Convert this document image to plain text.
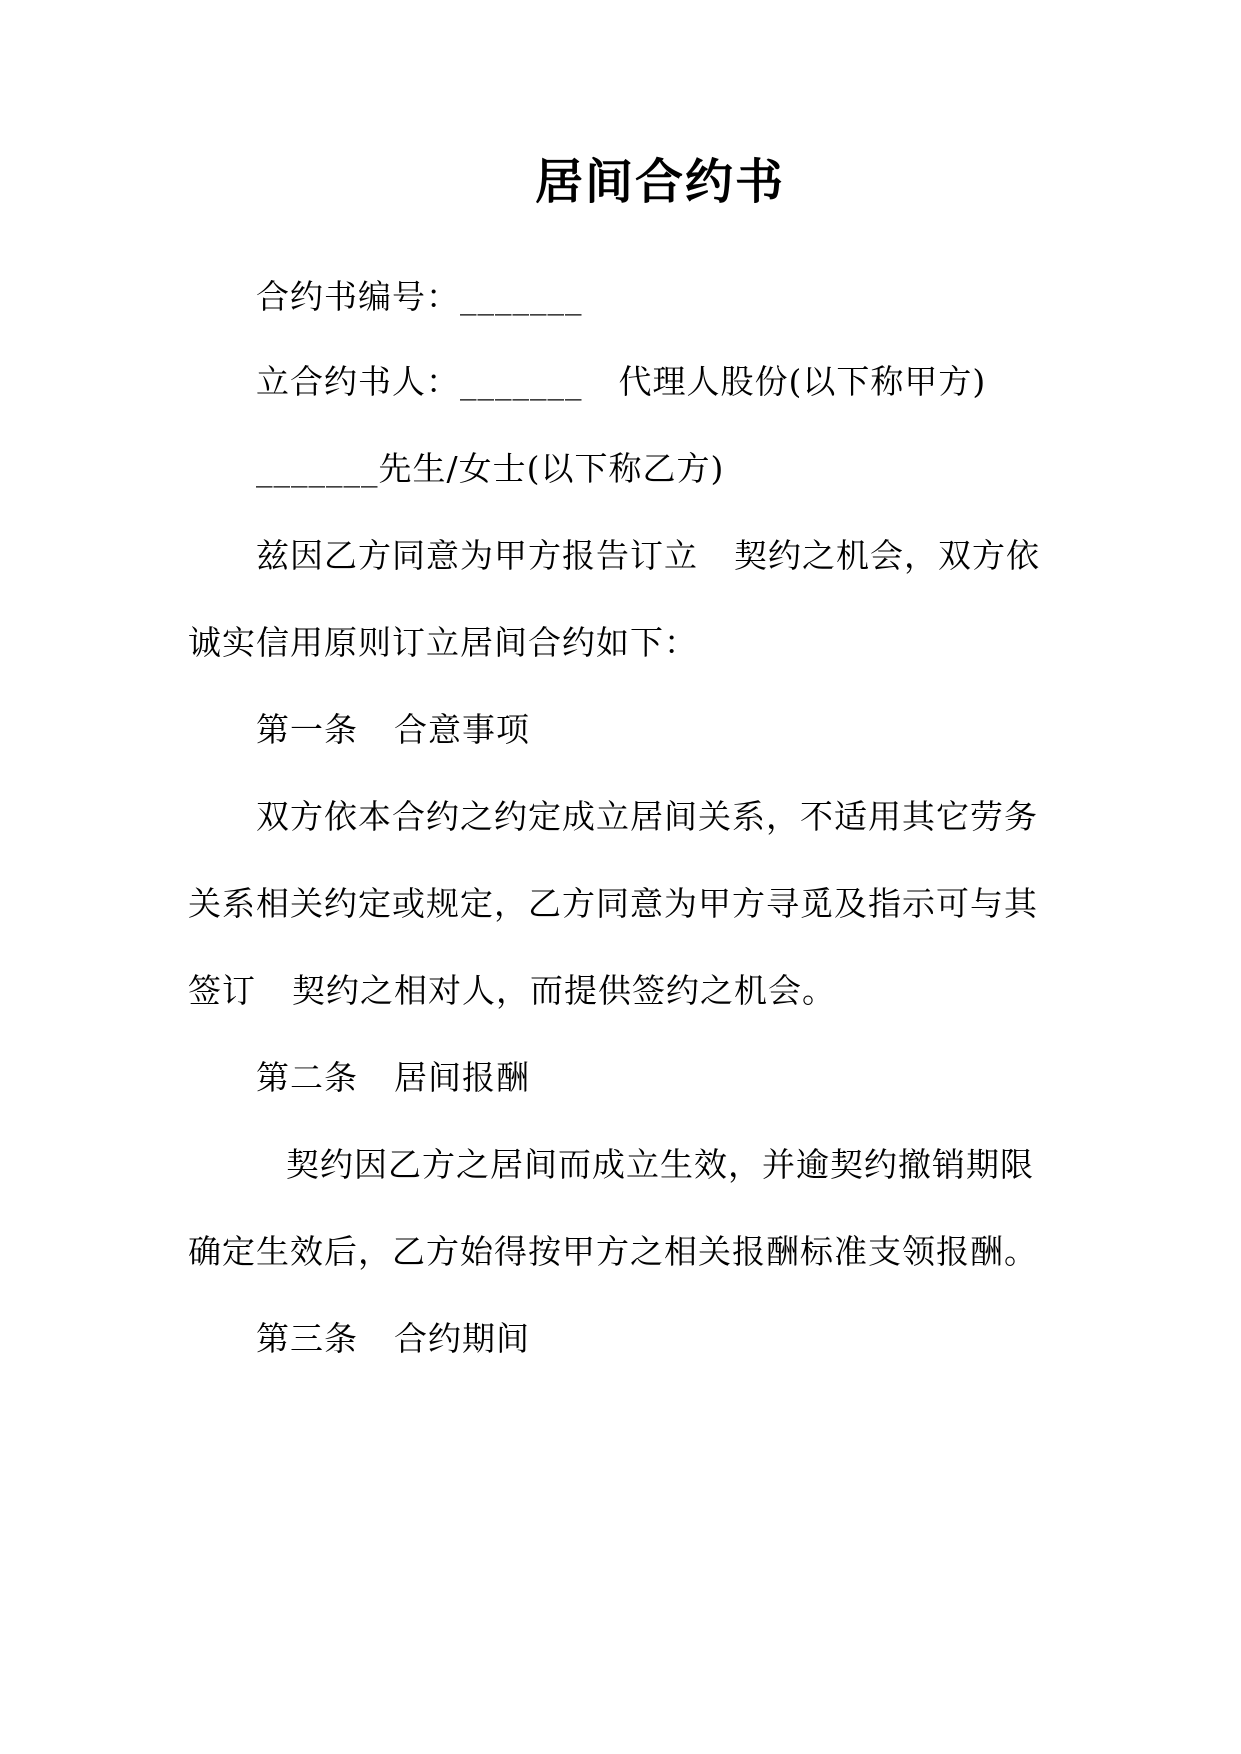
居间合约书
合约书编号：_______
立合约书人：_______ 代理人股份(以下称甲方)
_______先生/女士(以下称乙方)
兹因乙方同意为甲方报告订立 契约之机会，双方依
诚实信用原则订立居间合约如下：
第一条 合意事项
双方依本合约之约定成立居间关系，不适用其它劳务
关系相关约定或规定，乙方同意为甲方寻觅及指示可与其
签订 契约之相对人，而提供签约之机会。
第二条 居间报酬
契约因乙方之居间而成立生效，并逾契约撤销期限
确定生效后，乙方始得按甲方之相关报酬标准支领报酬。
第三条 合约期间
